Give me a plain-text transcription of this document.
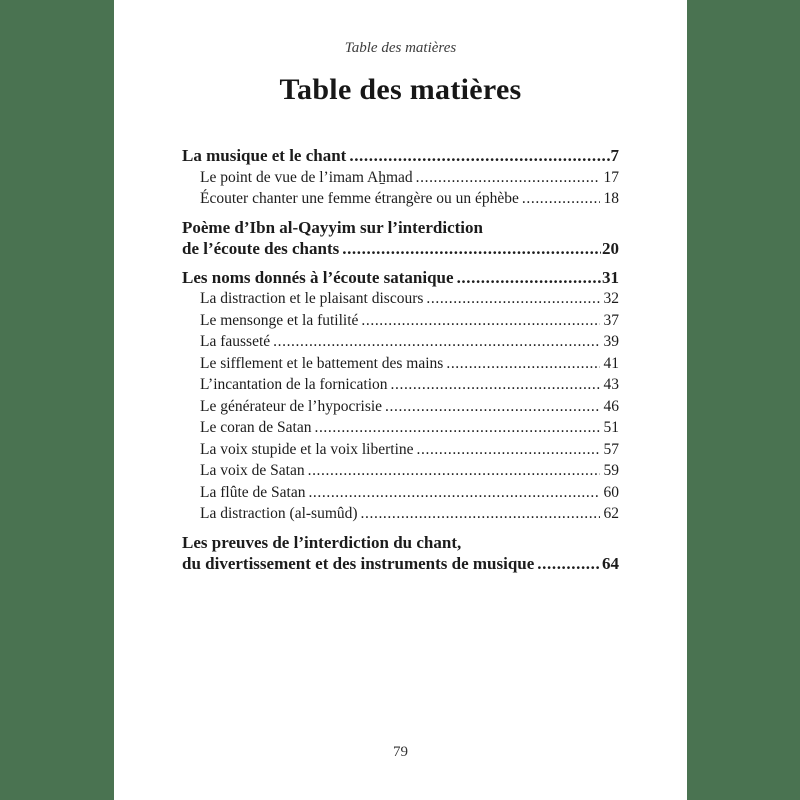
Table des matières
Table des matières
La musique et le chant .....	7
Le point de vue de l’imam Aẖmad .....	17
Écouter chanter une femme étrangère ou un éphèbe .....	18
Poème d’Ibn al-Qayyim sur l’interdiction
de l’écoute des chants .....	20
Les noms donnés à l’écoute satanique .....	31
La distraction et le plaisant discours .....	32
Le mensonge et la futilité .....	37
La fausseté .....	39
Le sifflement et le battement des mains .....	41
L’incantation de la fornication .....	43
Le générateur de l’hypocrisie .....	46
Le coran de Satan .....	51
La voix stupide et la voix libertine .....	57
La voix de Satan .....	59
La flûte de Satan .....	60
La distraction (al-sumûd) .....	62
Les preuves de l’interdiction du chant,
du divertissement et des instruments de musique .....	64
79
